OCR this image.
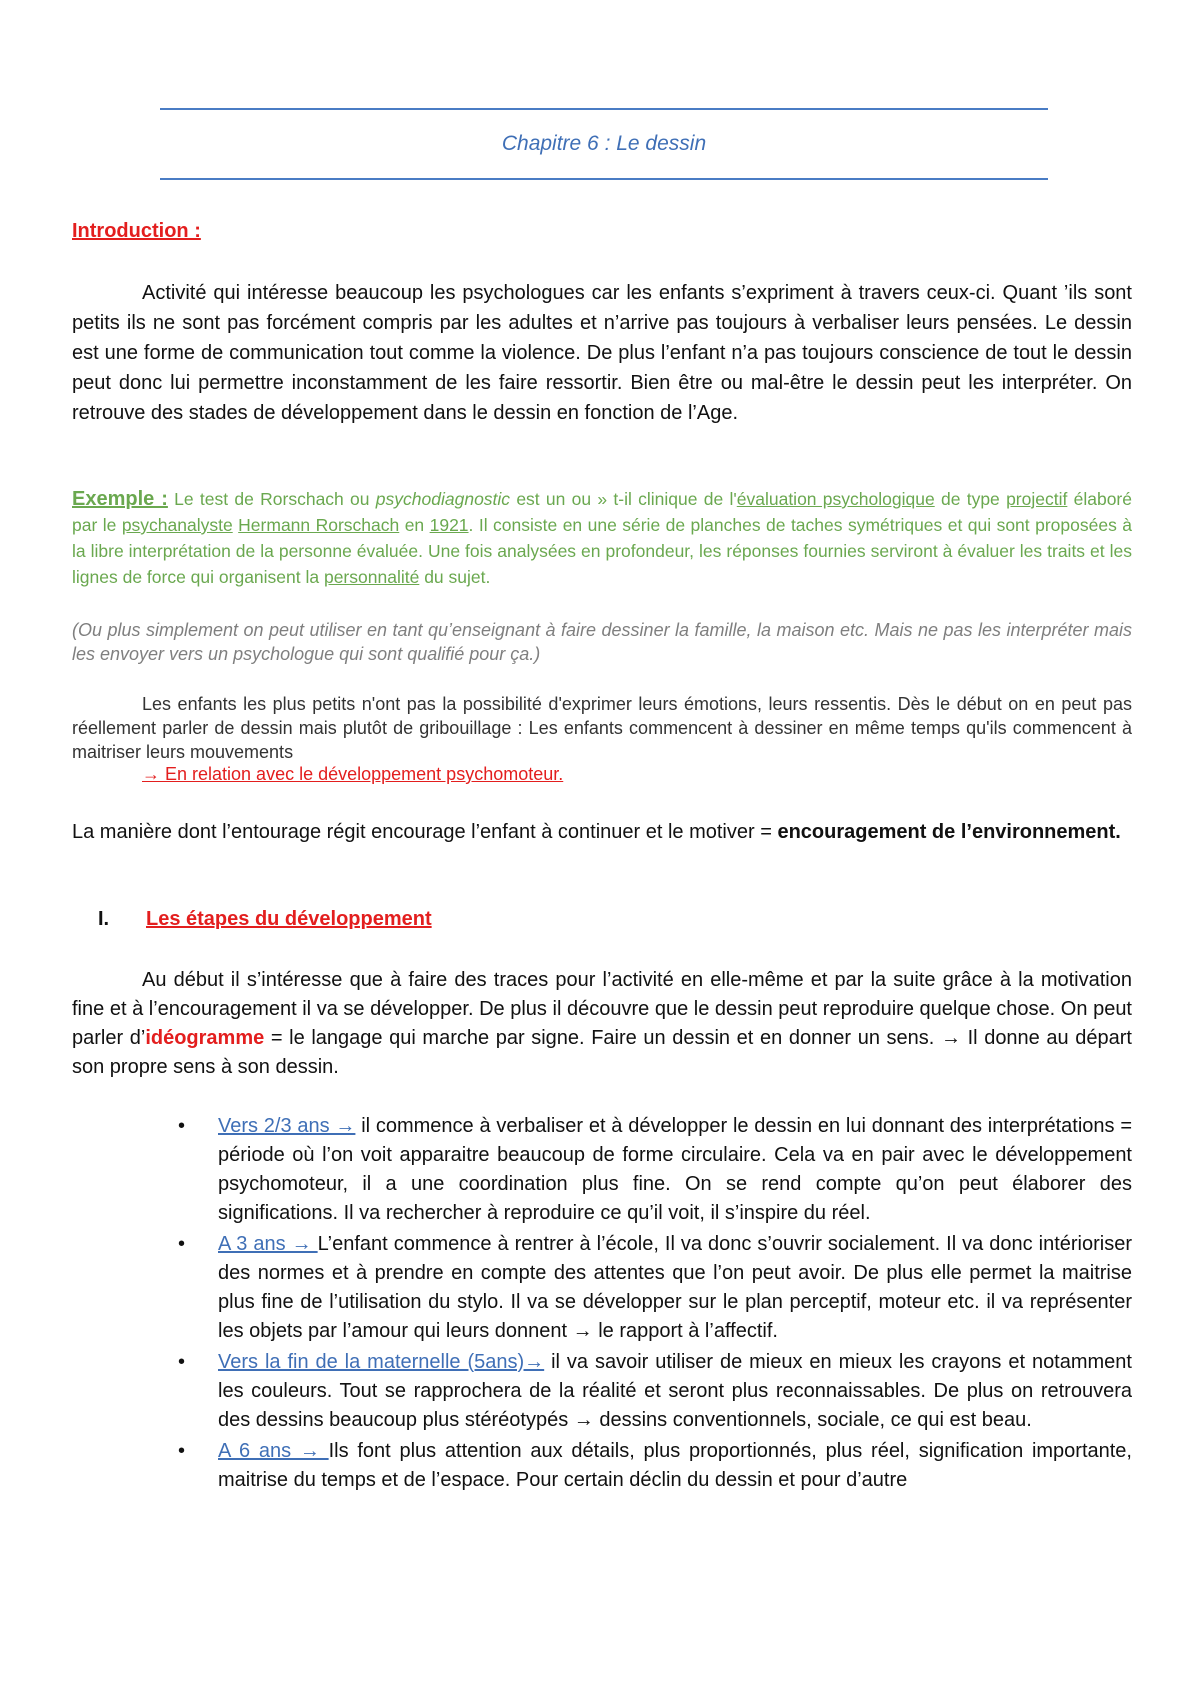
Chapitre 6 : Le dessin
Introduction :
Activité qui intéresse beaucoup les psychologues car les enfants s’expriment à travers ceux-ci. Quant ’ils sont petits ils ne sont pas forcément compris par les adultes et n’arrive pas toujours à verbaliser leurs pensées. Le dessin est une forme de communication tout comme la violence. De plus l’enfant n’a pas toujours conscience de tout le dessin peut donc lui permettre inconstamment de les faire ressortir. Bien être ou mal-être le dessin peut les interpréter. On retrouve des stades de développement dans le dessin en fonction de l’Age.
Exemple : Le test de Rorschach ou psychodiagnostic est un ou » t-il clinique de l'évaluation psychologique de type projectif élaboré par le psychanalyste Hermann Rorschach en 1921. Il consiste en une série de planches de taches symétriques et qui sont proposées à la libre interprétation de la personne évaluée. Une fois analysées en profondeur, les réponses fournies serviront à évaluer les traits et les lignes de force qui organisent la personnalité du sujet.
(Ou plus simplement on peut utiliser en tant qu’enseignant à faire dessiner la famille, la maison etc. Mais ne pas les interpréter mais les envoyer vers un psychologue qui sont qualifié pour ça.)
Les enfants les plus petits n'ont pas la possibilité d'exprimer leurs émotions, leurs ressentis. Dès le début on en peut pas réellement parler de dessin mais plutôt de gribouillage : Les enfants commencent à dessiner en même temps qu'ils commencent à maitriser leurs mouvements
→ En relation avec le développement psychomoteur.
La manière dont l’entourage régit encourage l’enfant à continuer et le motiver = encouragement de l’environnement.
I. Les étapes du développement
Au début il s’intéresse que à faire des traces pour l’activité en elle-même et par la suite grâce à la motivation fine et à l’encouragement il va se développer. De plus il découvre que le dessin peut reproduire quelque chose. On peut parler d’idéogramme = le langage qui marche par signe. Faire un dessin et en donner un sens. → Il donne au départ son propre sens à son dessin.
• Vers 2/3 ans → il commence à verbaliser et à développer le dessin en lui donnant des interprétations = période où l’on voit apparaitre beaucoup de forme circulaire. Cela va en pair avec le développement psychomoteur, il a une coordination plus fine. On se rend compte qu’on peut élaborer des significations. Il va rechercher à reproduire ce qu’il voit, il s’inspire du réel.
• A 3 ans → L’enfant commence à rentrer à l’école, Il va donc s’ouvrir socialement. Il va donc intérioriser des normes et à prendre en compte des attentes que l’on peut avoir. De plus elle permet la maitrise plus fine de l’utilisation du stylo. Il va se développer sur le plan perceptif, moteur etc. il va représenter les objets par l’amour qui leurs donnent → le rapport à l’affectif.
• Vers la fin de la maternelle (5ans)→ il va savoir utiliser de mieux en mieux les crayons et notamment les couleurs. Tout se rapprochera de la réalité et seront plus reconnaissables. De plus on retrouvera des dessins beaucoup plus stéréotypés → dessins conventionnels, sociale, ce qui est beau.
• A 6 ans → Ils font plus attention aux détails, plus proportionnés, plus réel, signification importante, maitrise du temps et de l’espace. Pour certain déclin du dessin et pour d’autre
